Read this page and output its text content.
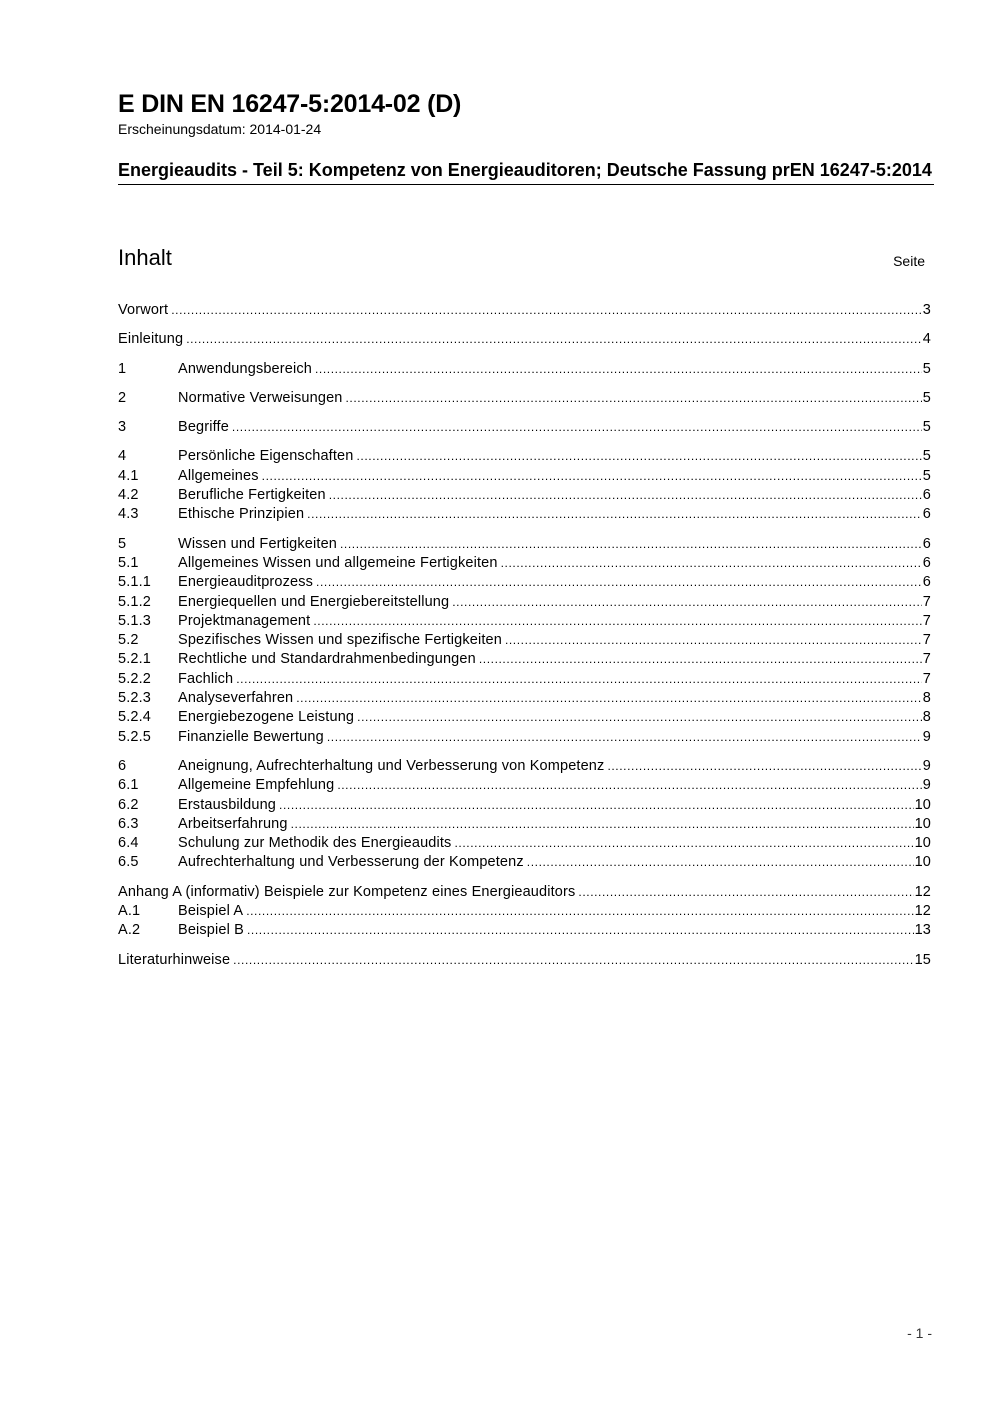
E DIN EN 16247-5:2014-02 (D)
Erscheinungsdatum: 2014-01-24
Energieaudits - Teil 5: Kompetenz von Energieauditoren; Deutsche Fassung prEN 16247-5:2014
Inhalt	Seite
Vorwort .....	3
Einleitung .....	4
1	Anwendungsbereich .....	5
2	Normative Verweisungen .....	5
3	Begriffe .....	5
4	Persönliche Eigenschaften .....	5
4.1	Allgemeines .....	5
4.2	Berufliche Fertigkeiten .....	6
4.3	Ethische Prinzipien .....	6
5	Wissen und Fertigkeiten .....	6
5.1	Allgemeines Wissen und allgemeine Fertigkeiten .....	6
5.1.1	Energieauditprozess .....	6
5.1.2	Energiequellen und Energiebereitstellung .....	7
5.1.3	Projektmanagement .....	7
5.2	Spezifisches Wissen und spezifische Fertigkeiten .....	7
5.2.1	Rechtliche und Standardrahmenbedingungen .....	7
5.2.2	Fachlich .....	7
5.2.3	Analyseverfahren .....	8
5.2.4	Energiebezogene Leistung .....	8
5.2.5	Finanzielle Bewertung .....	9
6	Aneignung, Aufrechterhaltung und Verbesserung von Kompetenz .....	9
6.1	Allgemeine Empfehlung .....	9
6.2	Erstausbildung .....	10
6.3	Arbeitserfahrung .....	10
6.4	Schulung zur Methodik des Energieaudits .....	10
6.5	Aufrechterhaltung und Verbesserung der Kompetenz .....	10
Anhang A (informativ) Beispiele zur Kompetenz eines Energieauditors .....	12
A.1	Beispiel A .....	12
A.2	Beispiel B .....	13
Literaturhinweise .....	15
- 1 -
